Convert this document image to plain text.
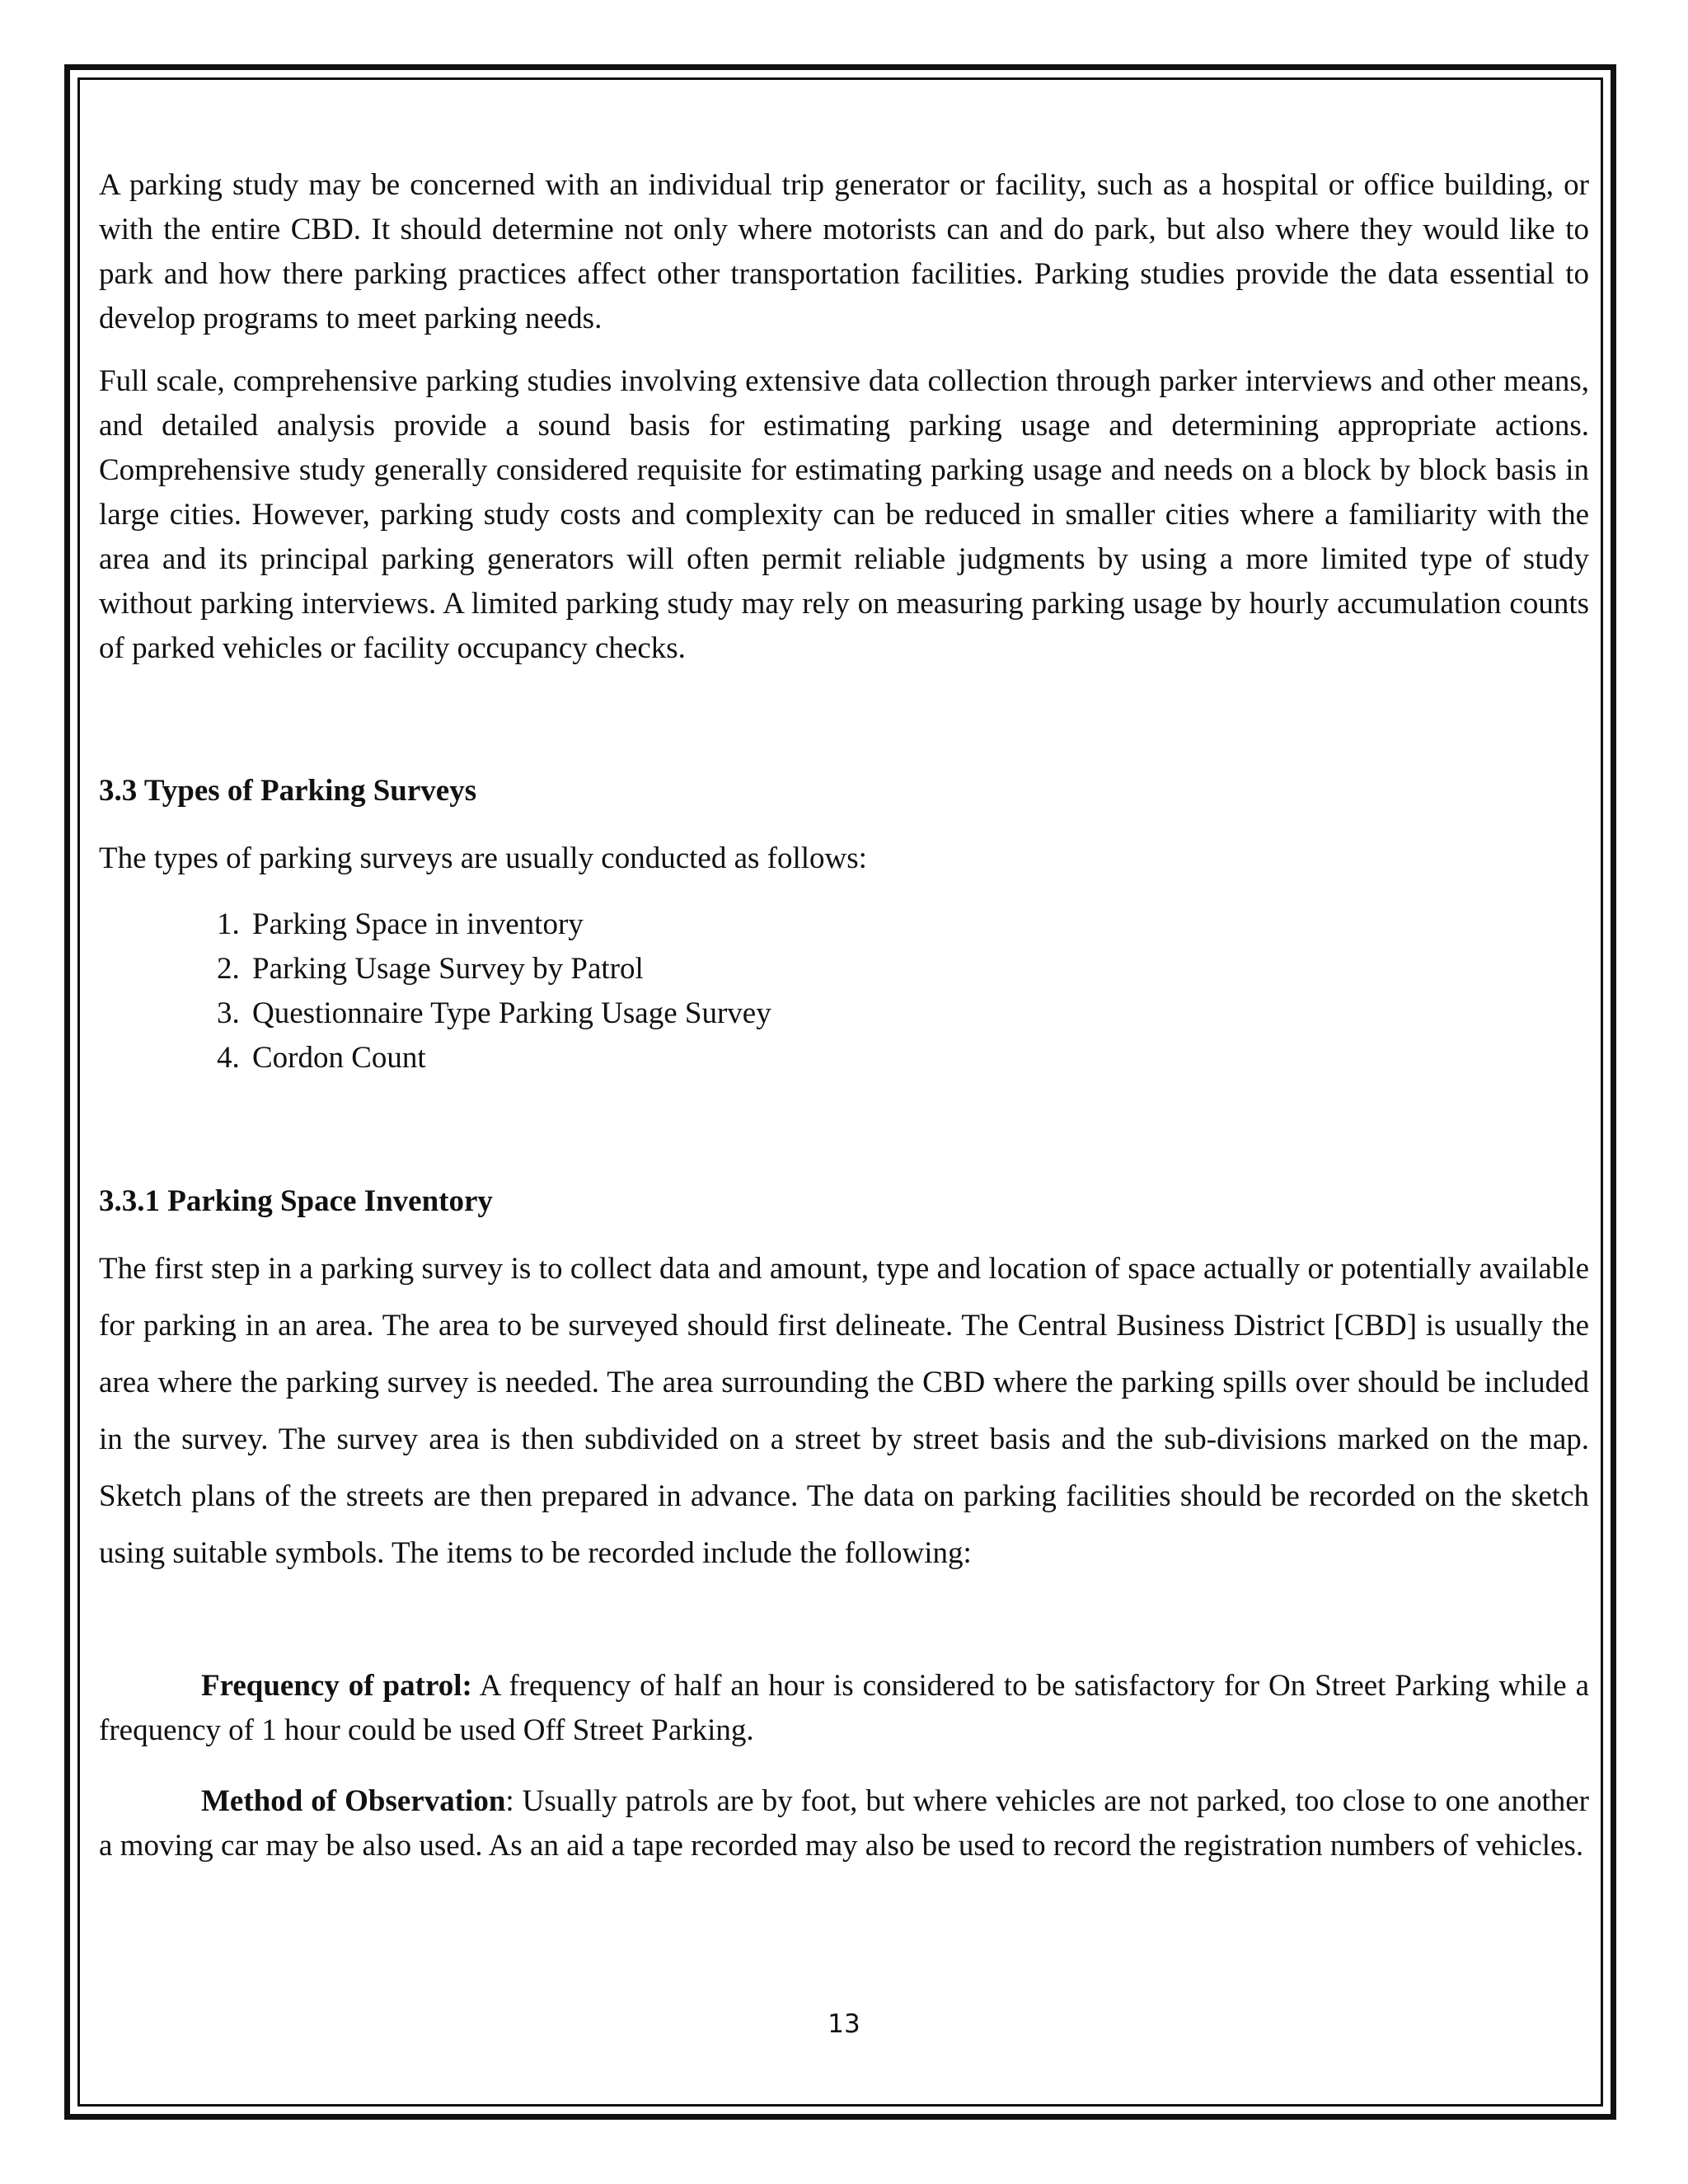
A parking study may be concerned with an individual trip generator or facility, such as a hospital or office building, or with the entire CBD. It should determine not only where motorists can and do park, but also where they would like to park and how there parking practices affect other transportation facilities. Parking studies provide the data essential to develop programs to meet parking needs.

Full scale, comprehensive parking studies involving extensive data collection through parker interviews and other means, and detailed analysis provide a sound basis for estimating parking usage and determining appropriate actions. Comprehensive study generally considered requisite for estimating parking usage and needs on a block by block basis in large cities. However, parking study costs and complexity can be reduced in smaller cities where a familiarity with the area and its principal parking generators will often permit reliable judgments by using a more limited type of study without parking interviews. A limited parking study may rely on measuring parking usage by hourly accumulation counts of parked vehicles or facility occupancy checks.

3.3 Types of Parking Surveys

The types of parking surveys are usually conducted as follows:

1. Parking Space in inventory
2. Parking Usage Survey by Patrol
3. Questionnaire Type Parking Usage Survey
4. Cordon Count
3.3.1 Parking Space Inventory

The first step in a parking survey is to collect data and amount, type and location of space actually or potentially available for parking in an area. The area to be surveyed should first delineate. The Central Business District [CBD] is usually the area where the parking survey is needed. The area surrounding the CBD where the parking spills over should be included in the survey. The survey area is then subdivided on a street by street basis and the sub-divisions marked on the map. Sketch plans of the streets are then prepared in advance. The data on parking facilities should be recorded on the sketch using suitable symbols. The items to be recorded include the following:

Frequency of patrol: A frequency of half an hour is considered to be satisfactory for On Street Parking while a frequency of 1 hour could be used Off Street Parking.

Method of Observation: Usually patrols are by foot, but where vehicles are not parked, too close to one another a moving car may be also used. As an aid a tape recorded may also be used to record the registration numbers of vehicles.

13
